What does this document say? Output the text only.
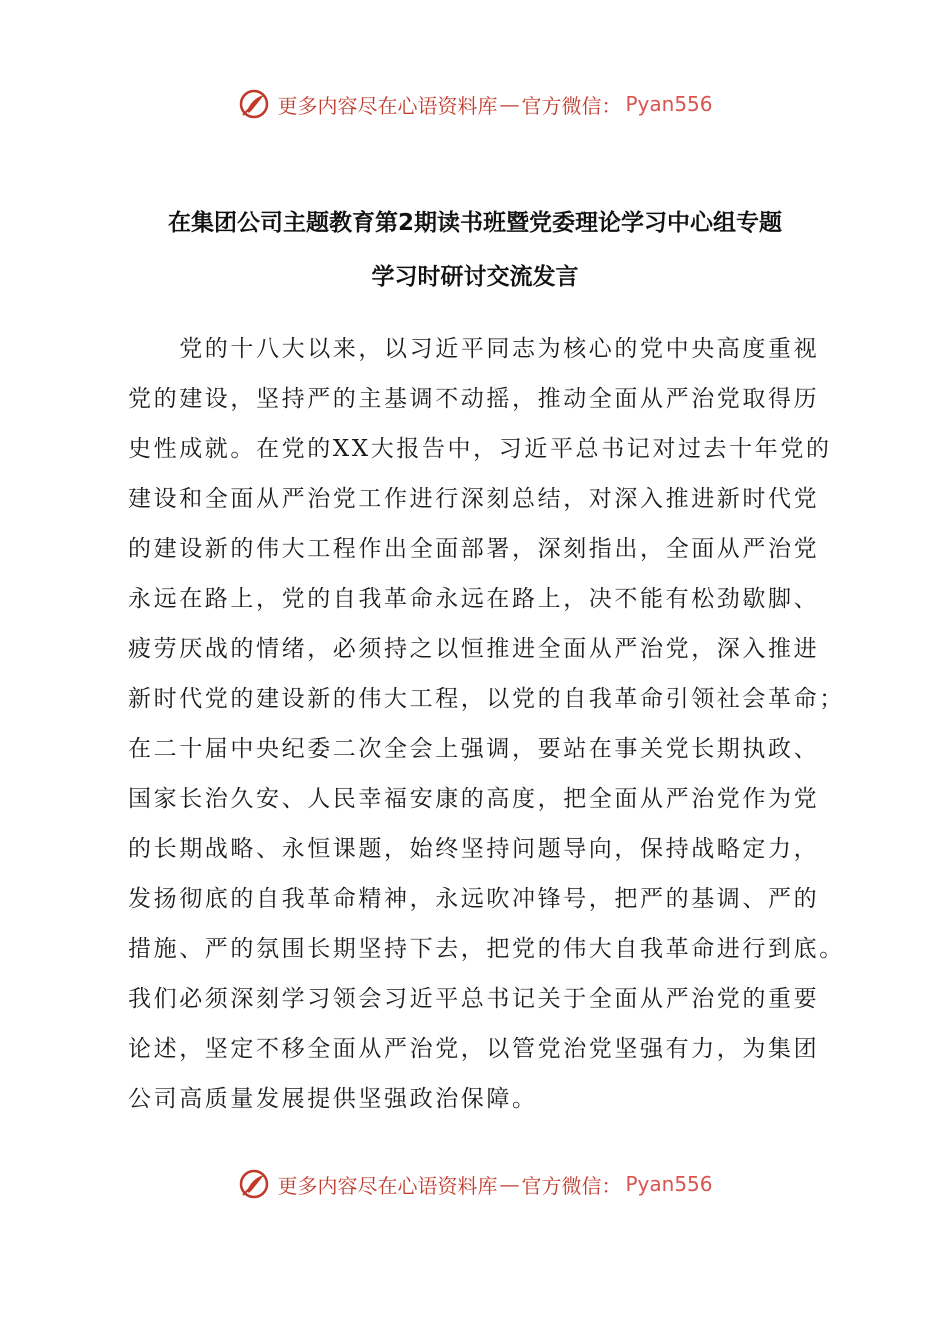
更多内容尽在心语资料库 — 官方微信： Pyan556
在集团公司主题教育第2期读书班暨党委理论学习中心组专题
学习时研讨交流发言
　　党的十八大以来，以习近平同志为核心的党中央高度重视
党的建设，坚持严的主基调不动摇，推动全面从严治党取得历
史性成就。在党的XX大报告中，习近平总书记对过去十年党的
建设和全面从严治党工作进行深刻总结，对深入推进新时代党
的建设新的伟大工程作出全面部署，深刻指出，全面从严治党
永远在路上，党的自我革命永远在路上，决不能有松劲歇脚、
疲劳厌战的情绪，必须持之以恒推进全面从严治党，深入推进
新时代党的建设新的伟大工程，以党的自我革命引领社会革命；
在二十届中央纪委二次全会上强调，要站在事关党长期执政、
国家长治久安、人民幸福安康的高度，把全面从严治党作为党
的长期战略、永恒课题，始终坚持问题导向，保持战略定力，
发扬彻底的自我革命精神，永远吹冲锋号，把严的基调、严的
措施、严的氛围长期坚持下去，把党的伟大自我革命进行到底。
我们必须深刻学习领会习近平总书记关于全面从严治党的重要
论述，坚定不移全面从严治党，以管党治党坚强有力，为集团
公司高质量发展提供坚强政治保障。
更多内容尽在心语资料库 — 官方微信： Pyan556
